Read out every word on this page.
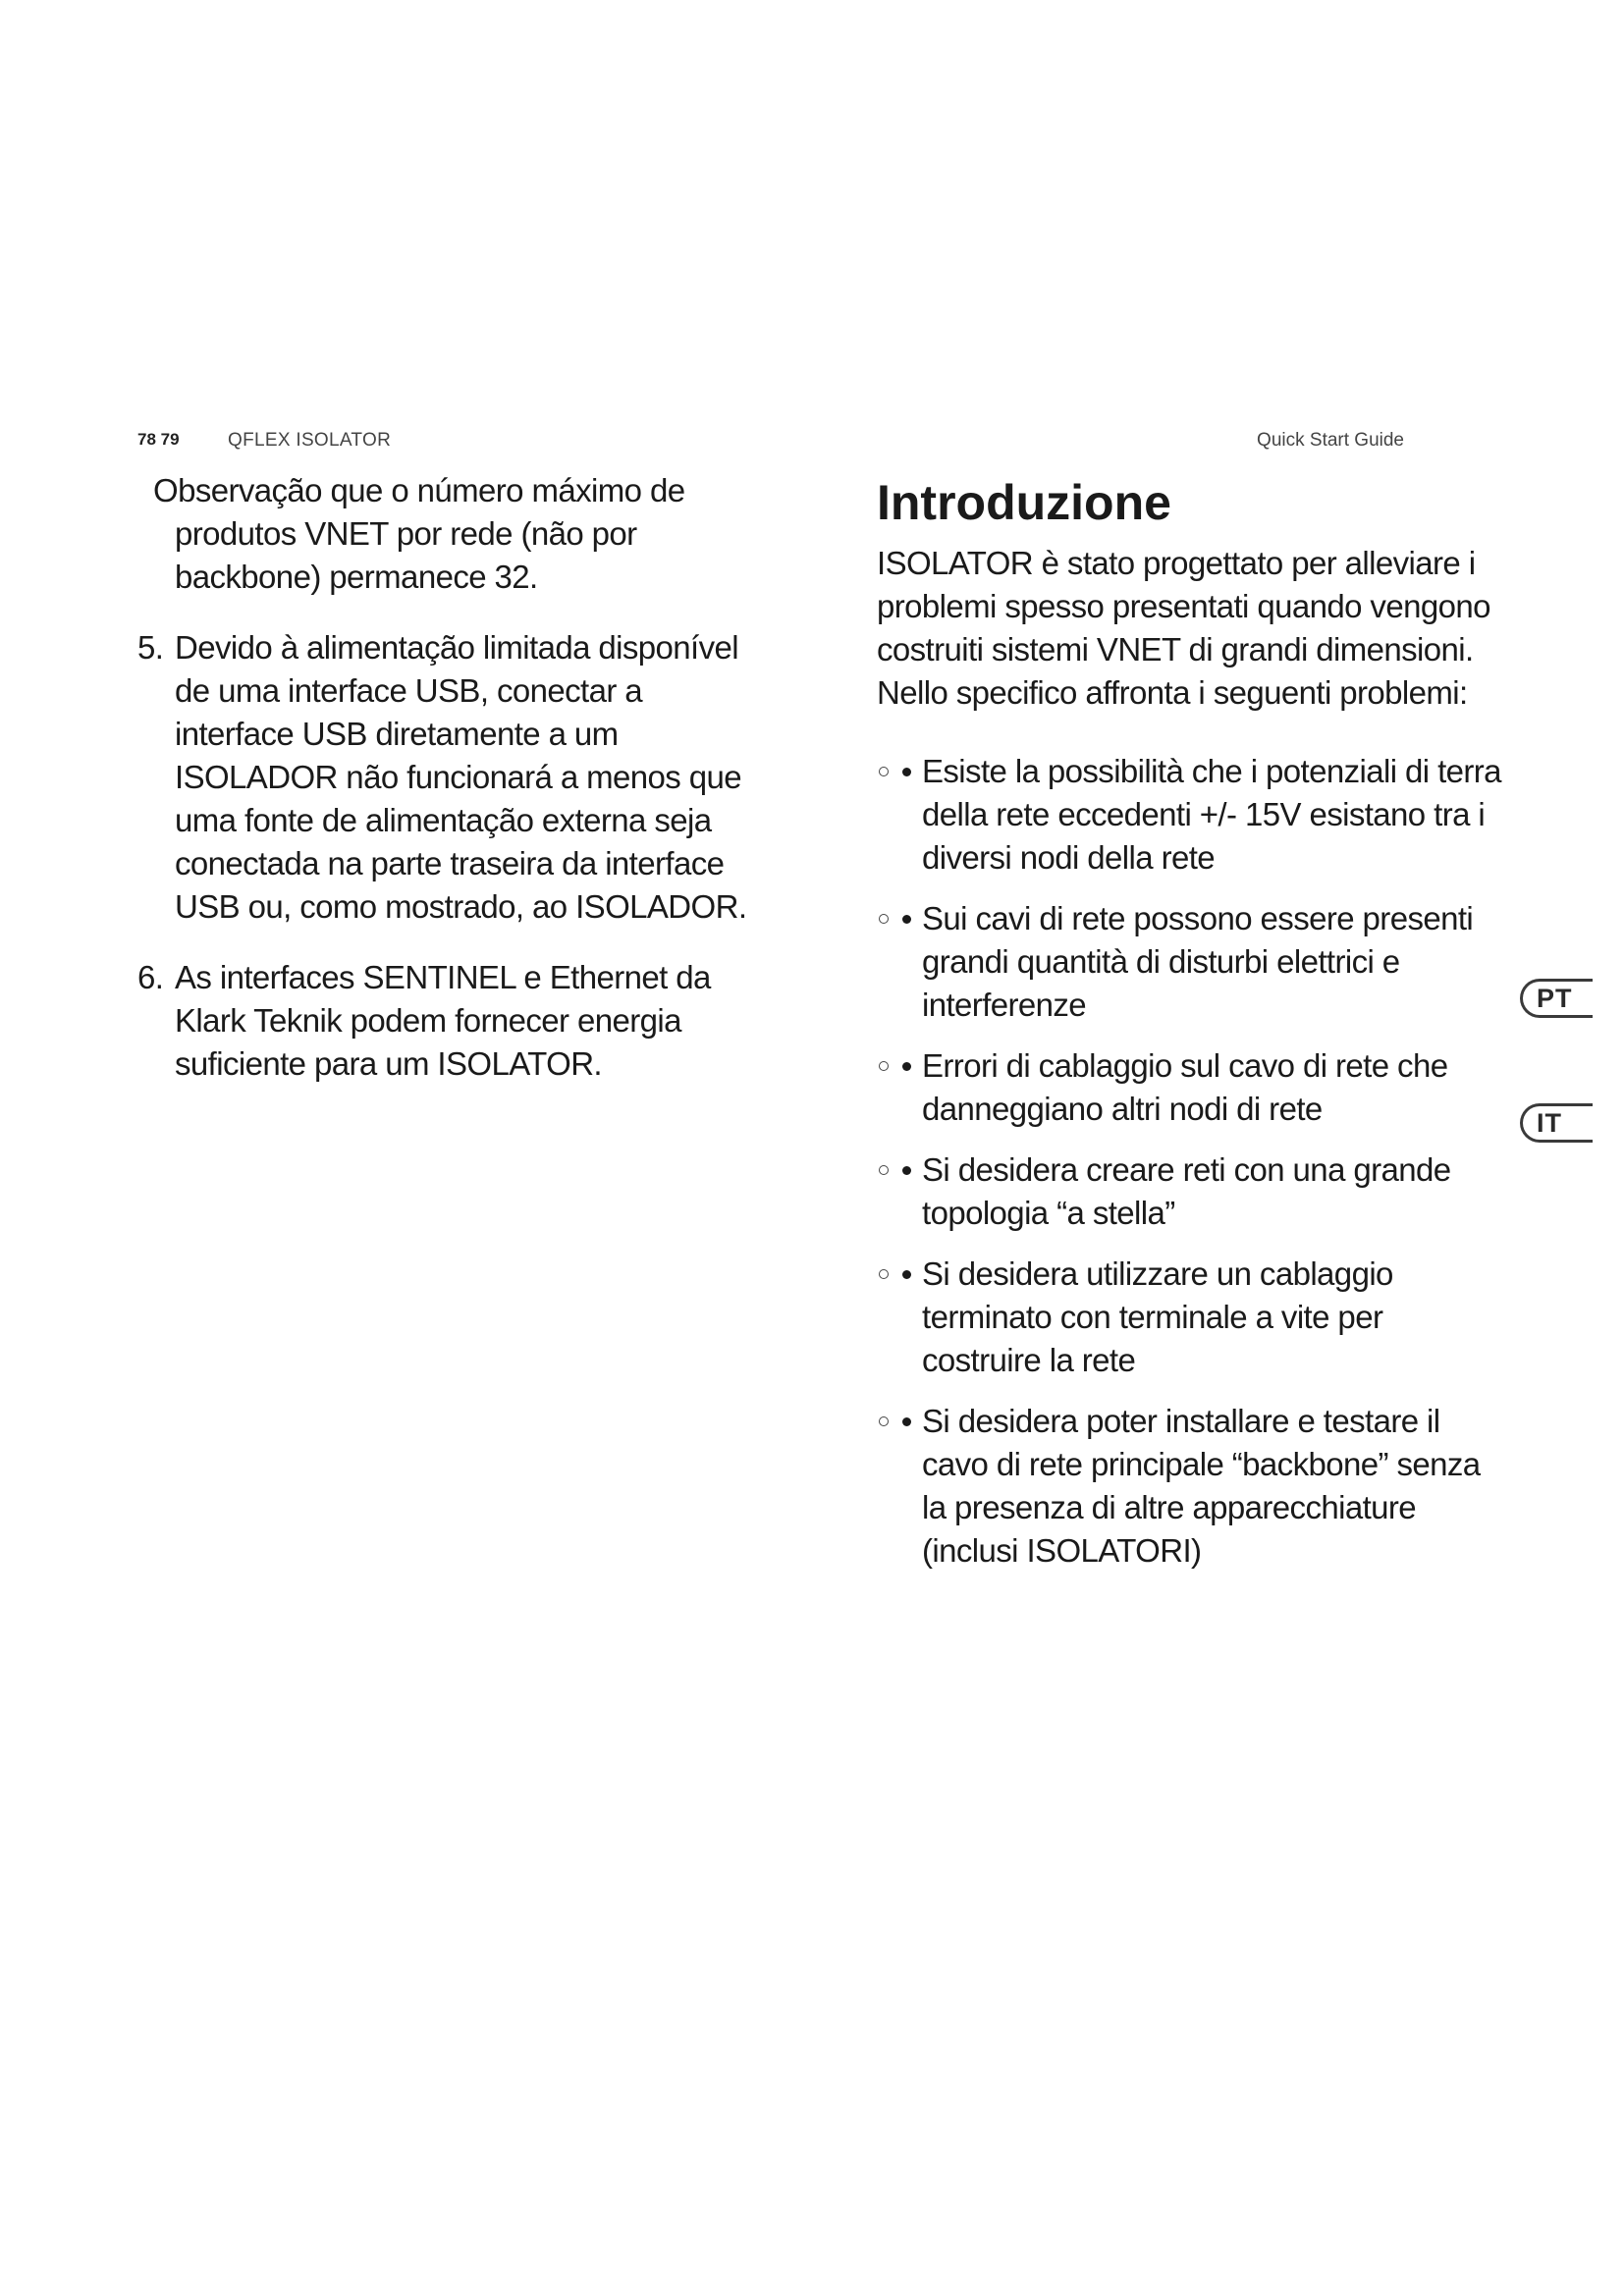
78 79	QFLEX ISOLATOR	Quick Start Guide

Observação que o número máximo de produtos VNET por rede (não por backbone) permanece 32.

5. Devido à alimentação limitada disponível de uma interface USB, conectar a interface USB diretamente a um ISOLADOR não funcionará a menos que uma fonte de alimentação externa seja conectada na parte traseira da interface USB ou, como mostrado, ao ISOLADOR.
6. As interfaces SENTINEL e Ethernet da Klark Teknik podem fornecer energia suficiente para um ISOLATOR.
Introduzione

ISOLATOR è stato progettato per alleviare i problemi spesso presentati quando vengono costruiti sistemi VNET di grandi dimensioni. Nello specifico affronta i seguenti problemi:

Esiste la possibilità che i potenziali di terra della rete eccedenti +/- 15V esistano tra i diversi nodi della rete
Sui cavi di rete possono essere presenti grandi quantità di disturbi elettrici e interferenze
Errori di cablaggio sul cavo di rete che danneggiano altri nodi di rete
Si desidera creare reti con una grande topologia “a stella”
Si desidera utilizzare un cablaggio terminato con terminale a vite per costruire la rete
Si desidera poter installare e testare il cavo di rete principale “backbone” senza la presenza di altre apparecchiature (inclusi ISOLATORI)
PT
IT
